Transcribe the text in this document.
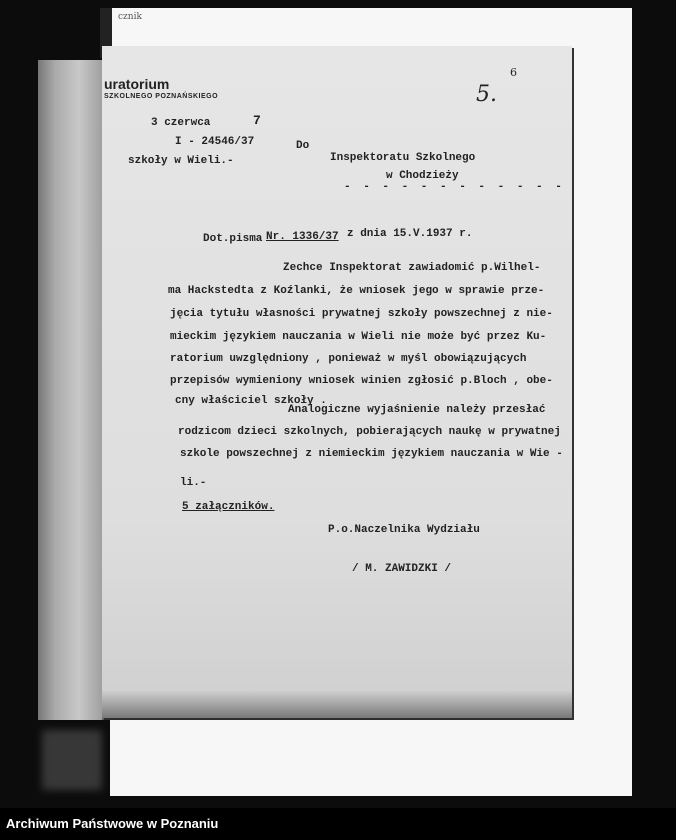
cznik
uratorium
SZKOLNEGO POZNAŃSKIEGO	5.
6
3 czerwca	7
I - 24546/37
szkoły w Wieli.-
Do
Inspektoratu Szkolnego
w Chodzieży
- - - - - - - - - - - -
Dot.pisma Nr. 1336/37 z dnia 15.V.1937 r.
Zechce Inspektorat zawiadomić p.Wilhel-
ma Hackstedta z Koźlanki, że wniosek jego w sprawie prze-
jęcia tytułu własności prywatnej szkoły powszechnej z nie-
mieckim językiem nauczania w Wieli nie może być przez Ku-
ratorium uwzględniony , ponieważ w myśl obowiązujących
przepisów wymieniony wniosek winien zgłosić p.Bloch , obe-
cny właściciel szkoły .
Analogiczne wyjaśnienie należy przesłać
rodzicom dzieci szkolnych, pobierających naukę w prywatnej
szkole powszechnej z niemieckim językiem nauczania w Wie -
li.-
5 załączników.
P.o.Naczelnika Wydziału
/ M. ZAWIDZKI /
Archiwum Państwowe w Poznaniu
